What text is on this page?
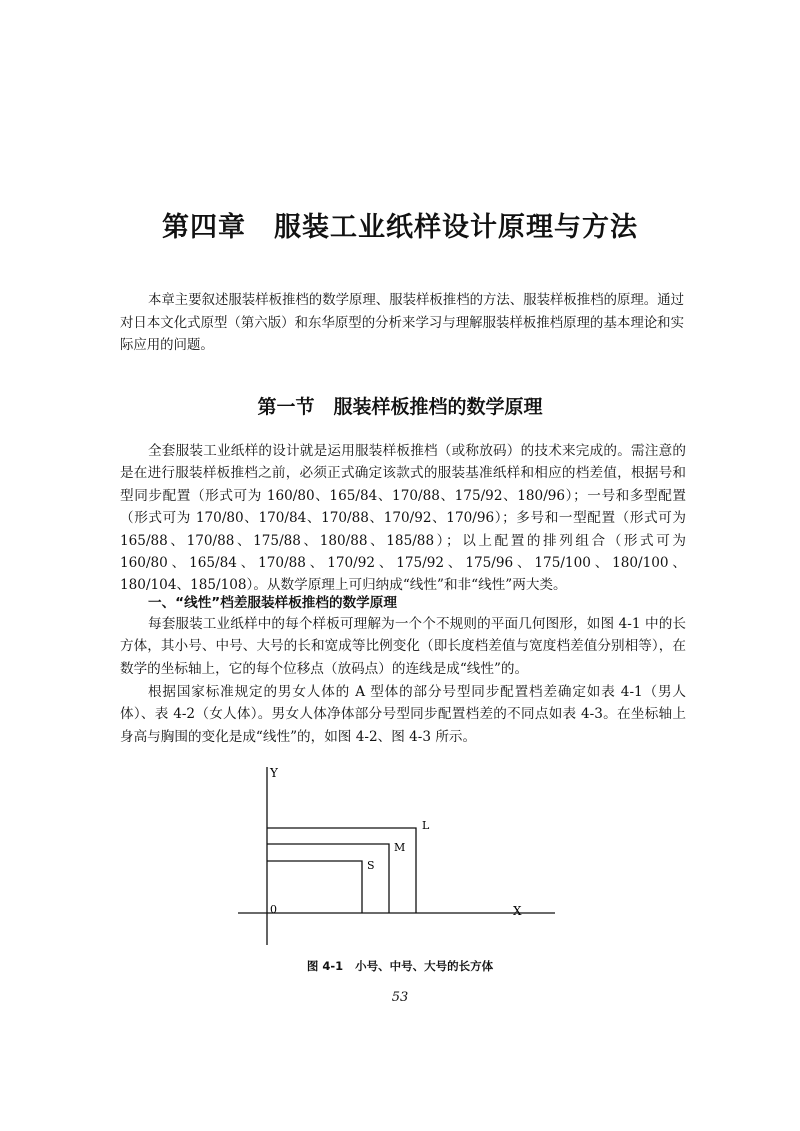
第四章　服装工业纸样设计原理与方法

本章主要叙述服装样板推档的数学原理、服装样板推档的方法、服装样板推档的原理。通过对日本文化式原型（第六版）和东华原型的分析来学习与理解服装样板推档原理的基本理论和实际应用的问题。

第一节　服装样板推档的数学原理

全套服装工业纸样的设计就是运用服装样板推档（或称放码）的技术来完成的。需注意的是在进行服装样板推档之前，必须正式确定该款式的服装基准纸样和相应的档差值，根据号和型同步配置（形式可为 160/80、165/84、170/88、175/92、180/96）；一号和多型配置（形式可为 170/80、170/84、170/88、170/92、170/96）；多号和一型配置（形式可为 165/88、170/88、175/88、180/88、185/88）；以上配置的排列组合（形式可为 160/80、165/84、170/88、170/92、175/92、175/96、175/100、180/100、180/104、185/108）。从数学原理上可归纳成“线性”和非“线性”两大类。

一、“线性”档差服装样板推档的数学原理

每套服装工业纸样中的每个样板可理解为一个个不规则的平面几何图形，如图 4-1 中的长方体，其小号、中号、大号的长和宽成等比例变化（即长度档差值与宽度档差值分别相等），在数学的坐标轴上，它的每个位移点（放码点）的连线是成“线性”的。

根据国家标准规定的男女人体的 A 型体的部分号型同步配置档差确定如表 4-1（男人体）、表 4-2（女人体）。男女人体净体部分号型同步配置档差的不同点如表 4-3。在坐标轴上身高与胸围的变化是成“线性”的，如图 4-2、图 4-3 所示。

Y
X
0
S
M
L
图 4-1 小号、中号、大号的长方体
53
